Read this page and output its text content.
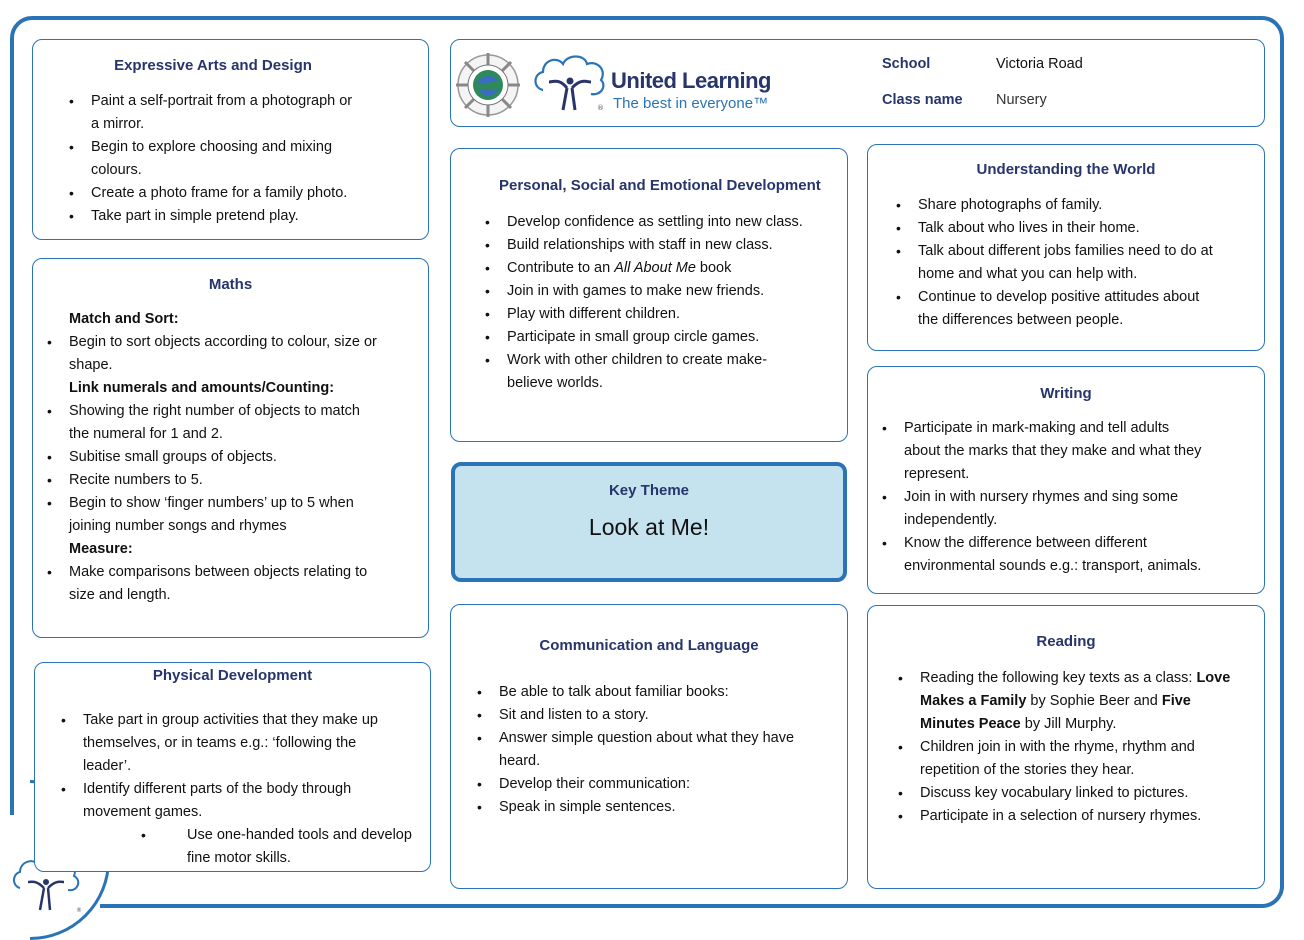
®
Expressive Arts and Design
• Paint a self-portrait from a photograph or
a mirror.
• Begin to explore choosing and mixing
colours.
• Create a photo frame for a family photo.
• Take part in simple pretend play.
Maths
Match and Sort:
• Begin to sort objects according to colour, size or
shape.
Link numerals and amounts/Counting:
• Showing the right number of objects to match
the numeral for 1 and 2.
• Subitise small groups of objects.
• Recite numbers to 5.
• Begin to show ‘finger numbers’ up to 5 when
joining number songs and rhymes
Measure:
• Make comparisons between objects relating to
size and length.
Physical Development
• Take part in group activities that they make up
themselves, or in teams e.g.: ‘following the
leader’.
• Identify different parts of the body through
movement games.
• Use one-handed tools and develop
fine motor skills.
®
United Learning
The best in everyone™
School	Victoria Road
Class name Nursery
Personal, Social and Emotional Development
• Develop confidence as settling into new class.
• Build relationships with staff in new class.
• Contribute to an All About Me book
• Join in with games to make new friends.
• Play with different children.
• Participate in small group circle games.
• Work with other children to create make-
believe worlds.
Key Theme
Look at Me!
Communication and Language
• Be able to talk about familiar books:
• Sit and listen to a story.
• Answer simple question about what they have
heard.
• Develop their communication:
• Speak in simple sentences.
Understanding the World
• Share photographs of family.
• Talk about who lives in their home.
• Talk about different jobs families need to do at
home and what you can help with.
• Continue to develop positive attitudes about
the differences between people.
Writing
• Participate in mark-making and tell adults
about the marks that they make and what they
represent.
• Join in with nursery rhymes and sing some
independently.
• Know the difference between different
environmental sounds e.g.: transport, animals.
Reading
• Reading the following key texts as a class: Love
Makes a Family by Sophie Beer and Five
Minutes Peace by Jill Murphy.
• Children join in with the rhyme, rhythm and
repetition of the stories they hear.
• Discuss key vocabulary linked to pictures.
• Participate in a selection of nursery rhymes.
